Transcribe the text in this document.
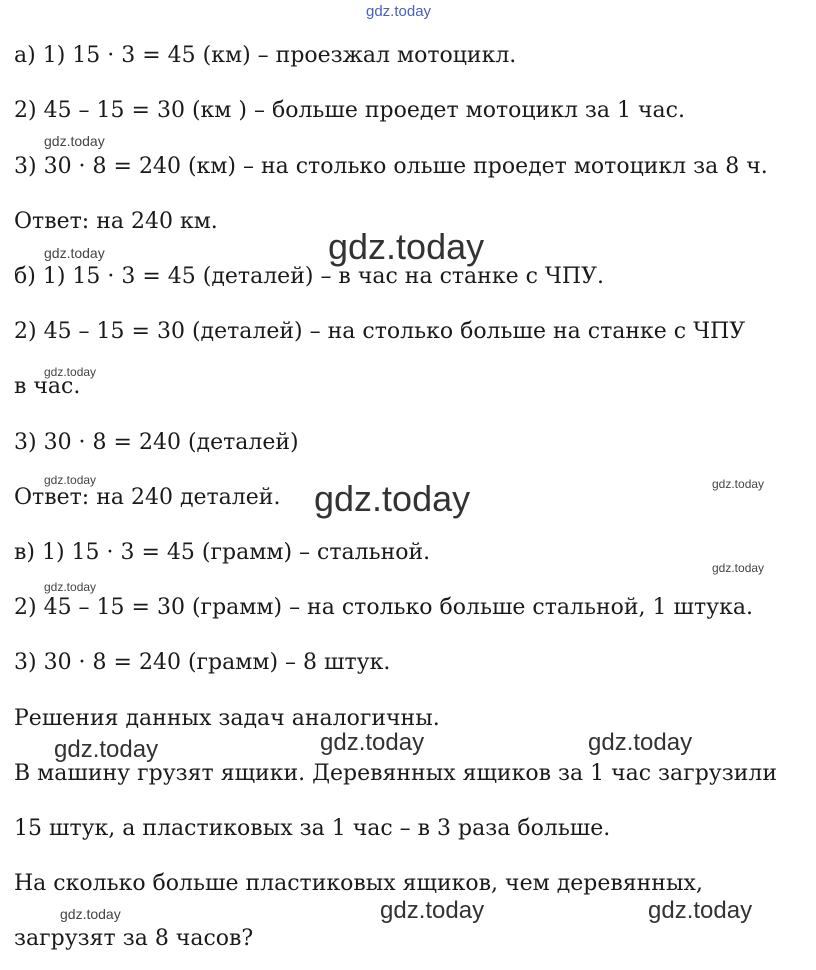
а) 1) 15 · 3 = 45 (км) – проезжал мотоцикл.

2) 45 – 15 = 30 (км ) – больше проедет мотоцикл за 1 час.

3) 30 · 8 = 240 (км) – на столько ольше проедет мотоцикл за 8 ч.

Ответ: на 240 км.

б) 1) 15 · 3 = 45 (деталей) – в час на станке с ЧПУ.

2) 45 – 15 = 30 (деталей) – на столько больше на станке с ЧПУ

в час.

3) 30 · 8 = 240 (деталей)

Ответ: на 240 деталей.

в) 1) 15 · 3 = 45 (грамм) – стальной.

2) 45 – 15 = 30 (грамм) – на столько больше стальной, 1 штука.

3) 30 · 8 = 240 (грамм) – 8 штук.

Решения данных задач аналогичны.

В машину грузят ящики. Деревянных ящиков за 1 час загрузили

15 штук, а пластиковых за 1 час – в 3 раза больше.

На сколько больше пластиковых ящиков, чем деревянных,

загрузят за 8 часов?

gdz.today
gdz.today
gdz.today	gdz.today
gdz.today
gdz.today	gdz.today	gdz.today
gdz.today
gdz.today
gdz.today	gdz.today	gdz.today
gdz.today	gdz.today	gdz.today
